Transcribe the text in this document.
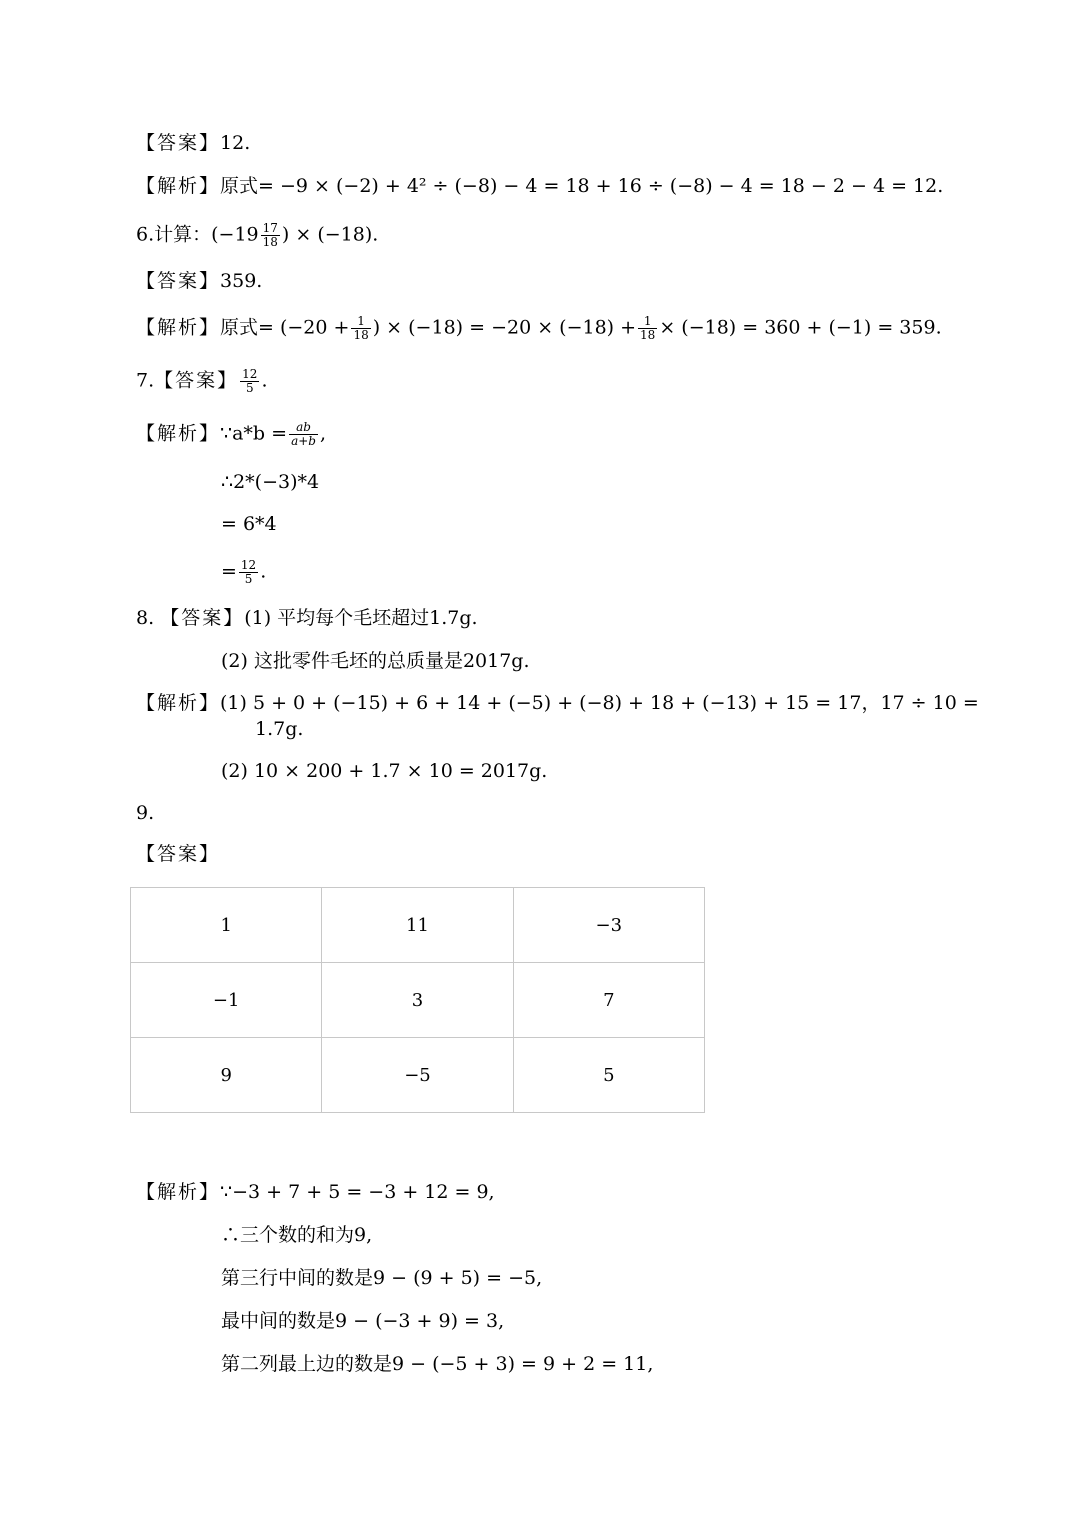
【答案】12.
【解析】原式= −9 × (−2) + 4² ÷ (−8) − 4 = 18 + 16 ÷ (−8) − 4 = 18 − 2 − 4 = 12.
6.计算：($-19 \frac{17}{18}$ ) × (−18).
【答案】359.
【解析】原式= ($-20 + \frac{1}{18}$ ) × $(-18) = -20 \times (-18) + \frac{1}{18} \times (-18) = 360 + (-1) = 359$.
7.【答案】 $\frac{12}{5}$ .
【解析】∵a*b = $\frac{ab}{a+b}$ ,
∴2*(−3)*4
= 6*4
= $\frac{12}{5}$ .
8. 【答案】(1) 平均每个毛坯超过1.7g.
(2) 这批零件毛坯的总质量是2017g.
【解析】(1) 5 + 0 + (−15) + 6 + 14 + (−5) + (−8) + 18 + (−13) + 15 = 17，17 ÷ 10 =
1.7g.
(2) 10 × 200 + 1.7 × 10 = 2017g.
9.
【答案】
1	11	−3
−1	3	7
9	−5	5
【解析】∵−3 + 7 + 5 = −3 + 12 = 9,
∴三个数的和为9,
第三行中间的数是9 − (9 + 5) = −5,
最中间的数是9 − (−3 + 9) = 3,
第二列最上边的数是9 − (−5 + 3) = 9 + 2 = 11,
